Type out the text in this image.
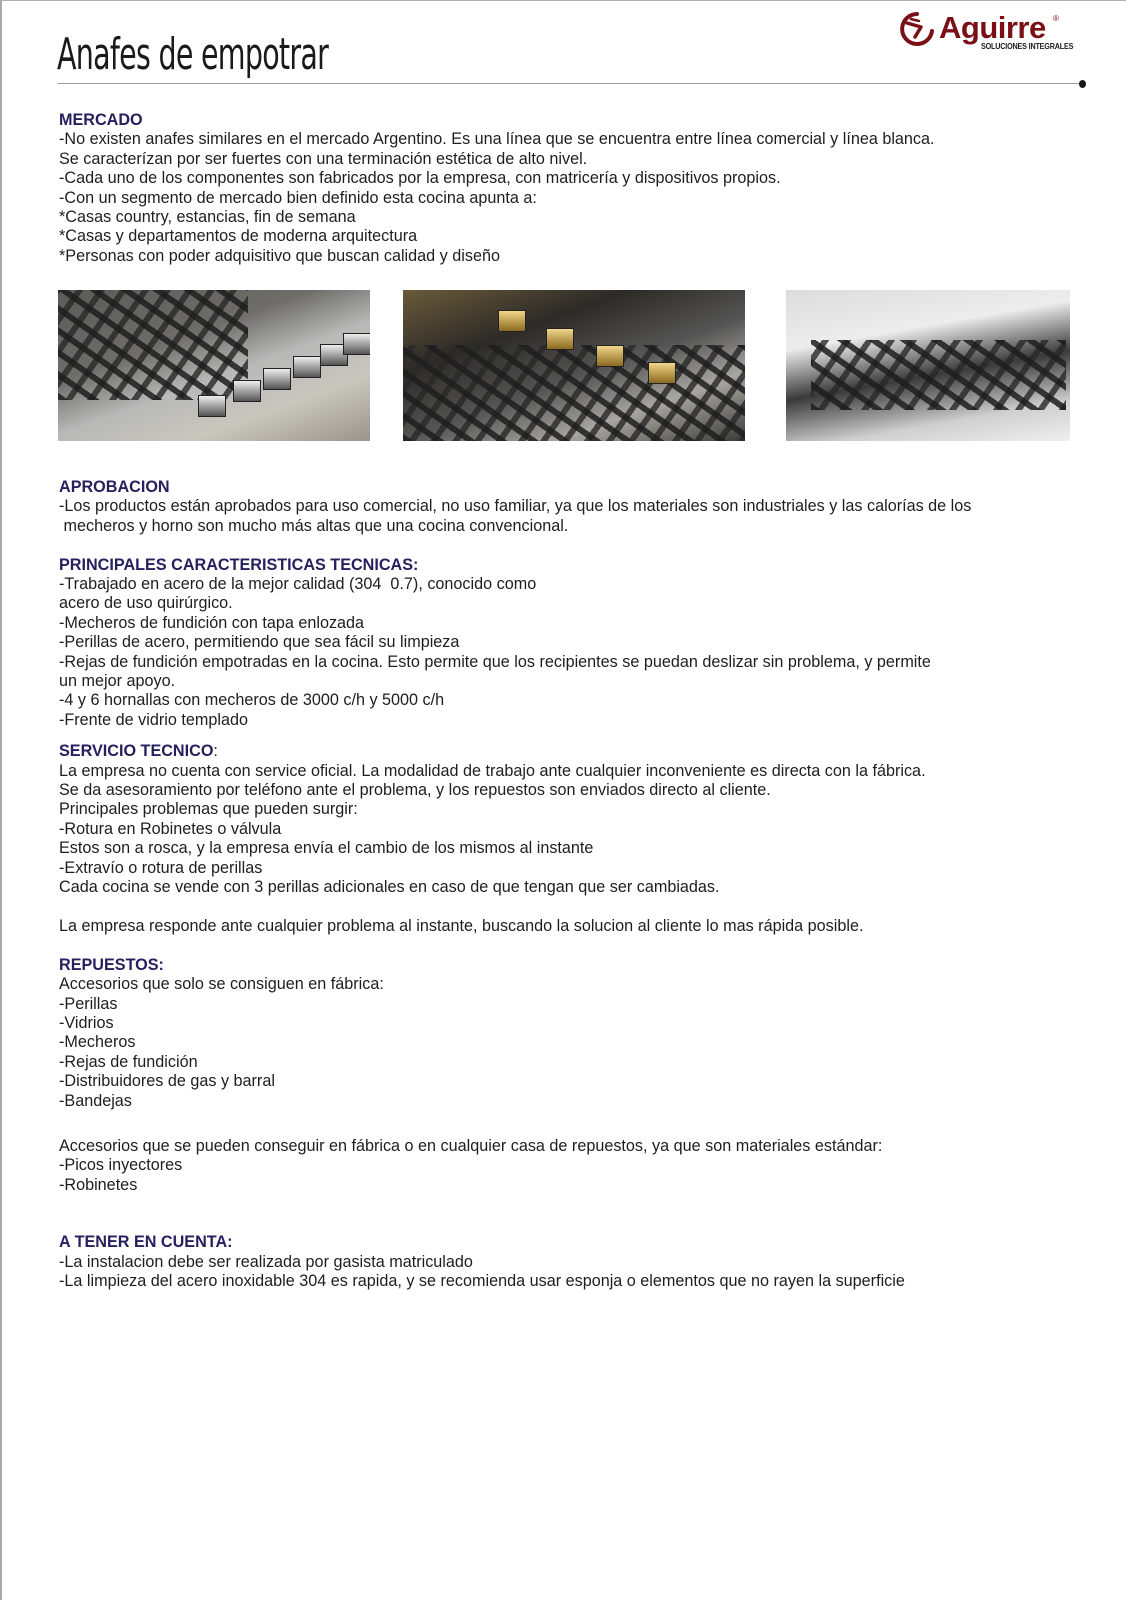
Anafes de empotrar
Aguirre ®
SOLUCIONES INTEGRALES
MERCADO
-No existen anafes similares en el mercado Argentino. Es una línea que se encuentra entre línea comercial y línea blanca.
Se caracterízan por ser fuertes con una terminación estética de alto nivel.
-Cada uno de los componentes son fabricados por la empresa, con matricería y dispositivos propios.
-Con un segmento de mercado bien definido esta cocina apunta a:
*Casas country, estancias, fin de semana
*Casas y departamentos de moderna arquitectura
*Personas con poder adquisitivo que buscan calidad y diseño
APROBACION
-Los productos están aprobados para uso comercial, no uso familiar, ya que los materiales son industriales y las calorías de los
mecheros y horno son mucho más altas que una cocina convencional.
PRINCIPALES CARACTERISTICAS TECNICAS:
-Trabajado en acero de la mejor calidad (304  0.7), conocido como
acero de uso quirúrgico.
-Mecheros de fundición con tapa enlozada
-Perillas de acero, permitiendo que sea fácil su limpieza
-Rejas de fundición empotradas en la cocina. Esto permite que los recipientes se puedan deslizar sin problema, y permite
un mejor apoyo.
-4 y 6 hornallas con mecheros de 3000 c/h y 5000 c/h
-Frente de vidrio templado
SERVICIO TECNICO:
La empresa no cuenta con service oficial. La modalidad de trabajo ante cualquier inconveniente es directa con la fábrica.
Se da asesoramiento por teléfono ante el problema, y los repuestos son enviados directo al cliente.
Principales problemas que pueden surgir:
-Rotura en Robinetes o válvula
Estos son a rosca, y la empresa envía el cambio de los mismos al instante
-Extravío o rotura de perillas
Cada cocina se vende con 3 perillas adicionales en caso de que tengan que ser cambiadas.
La empresa responde ante cualquier problema al instante, buscando la solucion al cliente lo mas rápida posible.
REPUESTOS:
Accesorios que solo se consiguen en fábrica:
-Perillas
-Vidrios
-Mecheros
-Rejas de fundición
-Distribuidores de gas y barral
-Bandejas
Accesorios que se pueden conseguir en fábrica o en cualquier casa de repuestos, ya que son materiales estándar:
-Picos inyectores
-Robinetes
A TENER EN CUENTA:
-La instalacion debe ser realizada por gasista matriculado
-La limpieza del acero inoxidable 304 es rapida, y se recomienda usar esponja o elementos que no rayen la superficie
